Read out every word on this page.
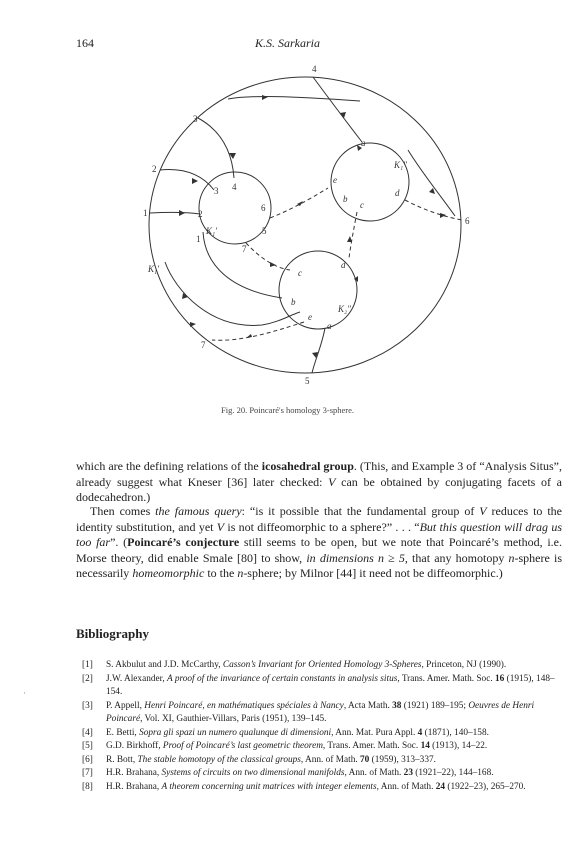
164	K.S. Sarkaria
4
3
2
1
6
7
5
3 4
2
6
5
1
7
K₁′
K₁′
K₁″
K₂″
a
e
b
c
d
c
d
b
e
a
Fig. 20. Poincaré's homology 3-sphere.

which are the defining relations of the icosahedral group. (This, and Example 3 of “Analysis Situs”, already suggest what Kneser [36] later checked: V can be obtained by conjugating facets of a dodecahedron.)

Then comes the famous query: “is it possible that the fundamental group of V reduces to the identity substitution, and yet V is not diffeomorphic to a sphere?” . . . “But this question will drag us too far”. (Poincaré’s conjecture still seems to be open, but we note that Poincaré’s method, i.e. Morse theory, did enable Smale [80] to show, in dimensions n ≥ 5, that any homotopy n-sphere is necessarily homeomorphic to the n-sphere; by Milnor [44] it need not be diffeomorphic.)

Bibliography
[1] S. Akbulut and J.D. McCarthy, Casson’s Invariant for Oriented Homology 3-Spheres, Princeton, NJ (1990).
[2] J.W. Alexander, A proof of the invariance of certain constants in analysis situs, Trans. Amer. Math. Soc. 16 (1915), 148–154.
[3] P. Appell, Henri Poincaré, en mathématiques spéciales à Nancy, Acta Math. 38 (1921) 189–195; Oeuvres de Henri Poincaré, Vol. XI, Gauthier-Villars, Paris (1951), 139–145.
[4] E. Betti, Sopra gli spazi un numero qualunque di dimensioni, Ann. Mat. Pura Appl. 4 (1871), 140–158.
[5] G.D. Birkhoff, Proof of Poincaré’s last geometric theorem, Trans. Amer. Math. Soc. 14 (1913), 14–22.
[6] R. Bott, The stable homotopy of the classical groups, Ann. of Math. 70 (1959), 313–337.
[7] H.R. Brahana, Systems of circuits on two dimensional manifolds, Ann. of Math. 23 (1921–22), 144–168.
[8] H.R. Brahana, A theorem concerning unit matrices with integer elements, Ann. of Math. 24 (1922–23), 265–270.
·
